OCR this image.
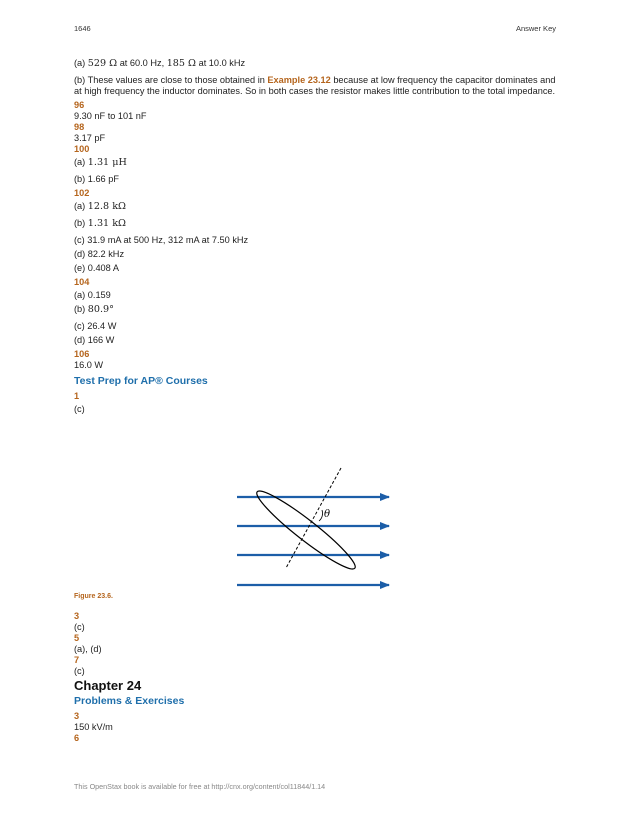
1646	Answer Key

(a) 529 Ω at 60.0 Hz, 185 Ω at 10.0 kHz

(b) These values are close to those obtained in Example 23.12 because at low frequency the capacitor dominates and at high frequency the inductor dominates. So in both cases the resistor makes little contribution to the total impedance.

96

9.30 nF to 101 nF

98

3.17 pF

100

(a) 1.31 μH

(b) 1.66 pF

102

(a) 12.8 kΩ

(b) 1.31 kΩ

(c) 31.9 mA at 500 Hz, 312 mA at 7.50 kHz

(d) 82.2 kHz

(e) 0.408 A

104

(a) 0.159

(b) 80.9°

(c) 26.4 W

(d) 166 W

106

16.0 W

Test Prep for AP® Courses
1

(c)

θ
Figure 23.6.
3

(c)

5

(a), (d)

7

(c)

Chapter 24
Problems & Exercises
3

150 kV/m

6
This OpenStax book is available for free at http://cnx.org/content/col11844/1.14
